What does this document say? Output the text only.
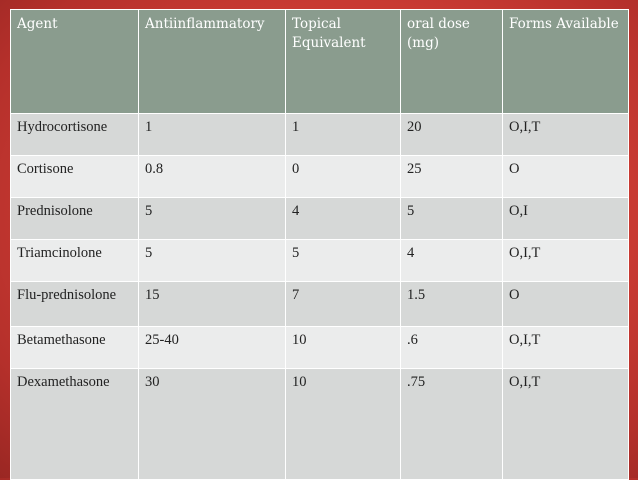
Agent	Antiinflammatory	Topical Equivalent	oral dose (mg)	Forms Available
Hydrocortisone	1	1	20	O,I,T
Cortisone	0.8	0	25	O
Prednisolone	5	4	5	O,I
Triamcinolone	5	5	4	O,I,T
Flu-prednisolone	15	7	1.5	O
Betamethasone	25-40	10	.6	O,I,T
Dexamethasone	30	10	.75	O,I,T
